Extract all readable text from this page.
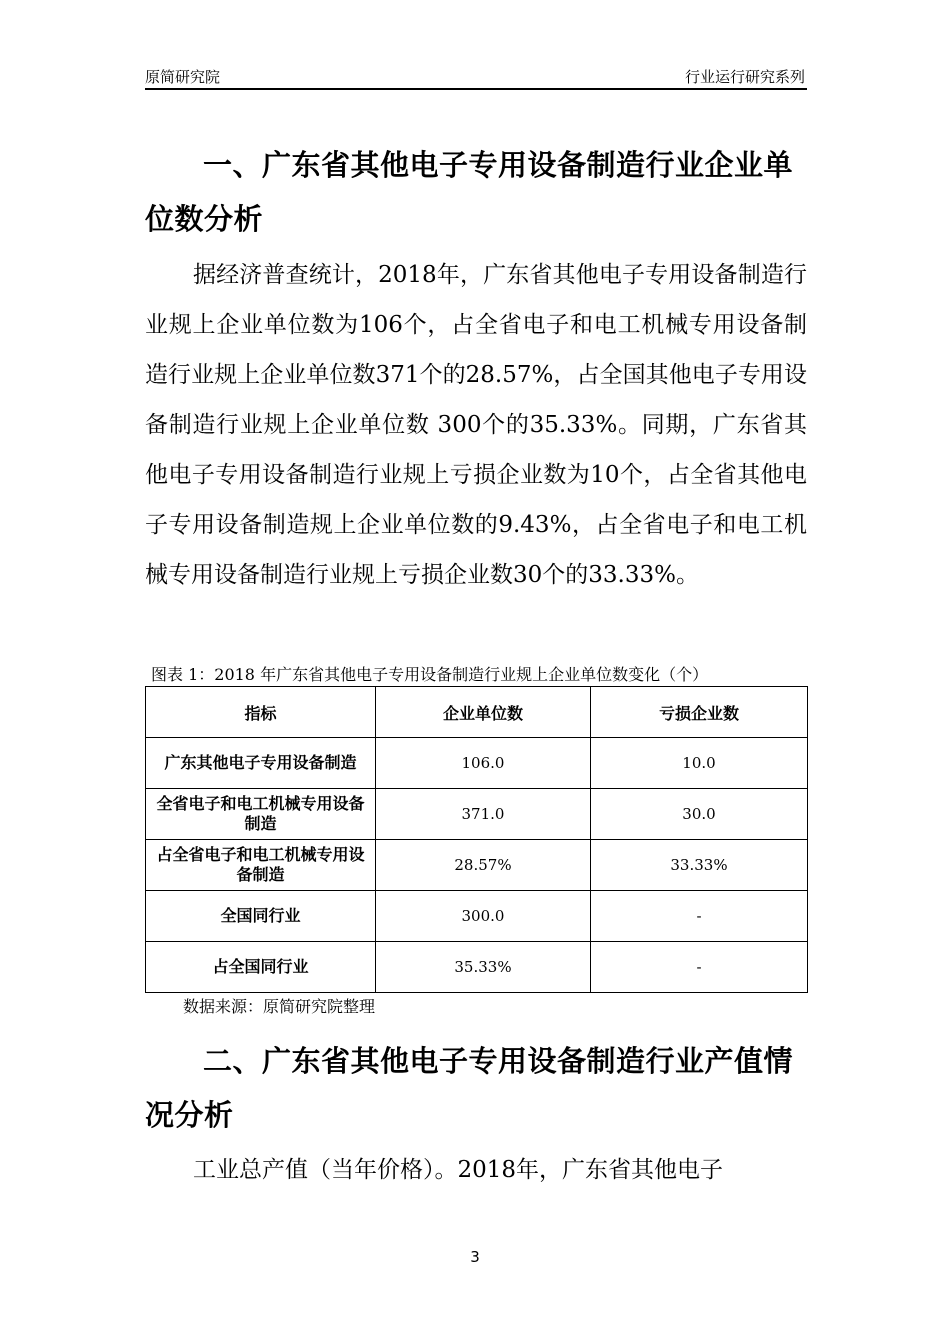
原简研究院	行业运行研究系列
一、广东省其他电子专用设备制造行业企业单位数分析

据经济普查统计，2018年，广东省其他电子专用设备制造行业规上企业单位数为106个，占全省电子和电工机械专用设备制造行业规上企业单位数371个的28.57%，占全国其他电子专用设备制造行业规上企业单位数 300个的35.33%。同期，广东省其他电子专用设备制造行业规上亏损企业数为10个，占全省其他电子专用设备制造规上企业单位数的9.43%，占全省电子和电工机械专用设备制造行业规上亏损企业数30个的33.33%。

图表 1：2018 年广东省其他电子专用设备制造行业规上企业单位数变化（个）
指标	企业单位数	亏损企业数
广东其他电子专用设备制造	106.0	10.0
全省电子和电工机械专用设备制造	371.0	30.0
占全省电子和电工机械专用设备制造	28.57%	33.33%
全国同行业	300.0	-
占全国同行业	35.33%	-
数据来源：原简研究院整理
二、广东省其他电子专用设备制造行业产值情况分析

工业总产值（当年价格）。2018年，广东省其他电子

3
